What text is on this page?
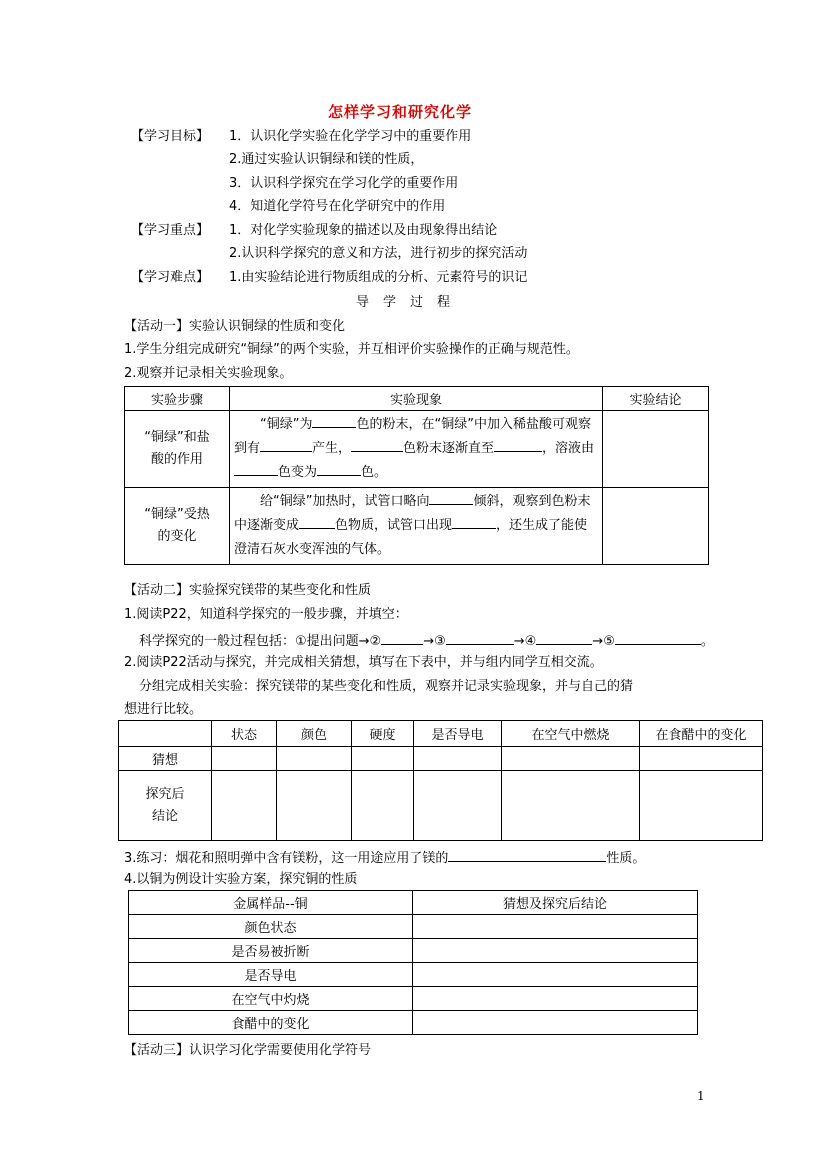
怎样学习和研究化学
【学习目标】 1．认识化学实验在化学学习中的重要作用
2.通过实验认识铜绿和镁的性质，
3．认识科学探究在学习化学的重要作用
4．知道化学符号在化学研究中的作用
【学习重点】 1．对化学实验现象的描述以及由现象得出结论
2.认识科学探究的意义和方法，进行初步的探究活动
【学习难点】 1.由实验结论进行物质组成的分析、元素符号的识记
导学过程
【活动一】实验认识铜绿的性质和变化
1.学生分组完成研究“铜绿”的两个实验，并互相评价实验操作的正确与规范性。
2.观察并记录相关实验现象。
实验步骤	实验现象	实验结论

“铜绿”和盐
酸的作用	“铜绿”为 色的粉末，在“铜绿”中加入稀盐酸可观察到有 产生， 色粉末逐渐直至 ，溶液由色变为 色。	

“铜绿”受热
的变化	给“铜绿”加热时，试管口略向 倾斜，观察到色粉末中逐渐变成 色物质，试管口出现 ，还生成了能使澄清石灰水变浑浊的气体。	
【活动二】实验探究镁带的某些变化和性质
1.阅读P22，知道科学探究的一般步骤，并填空：
科学探究的一般过程包括：①提出问题→②	→③	→④	→⑤	。
2.阅读P22活动与探究，并完成相关猜想，填写在下表中，并与组内同学互相交流。
分组完成相关实验：探究镁带的某些变化和性质，观察并记录实验现象，并与自己的猜
想进行比较。
	状态	颜色	硬度	是否导电	在空气中燃烧	在食醋中的变化
猜想						

探究后
结论						

3.练习：烟花和照明弹中含有镁粉，这一用途应用了镁的	性质。
4.以铜为例设计实验方案，探究铜的性质
金属样品--铜	猜想及探究后结论
颜色状态	
是否易被折断	
是否导电	
在空气中灼烧	
食醋中的变化	
【活动三】认识学习化学需要使用化学符号
1
